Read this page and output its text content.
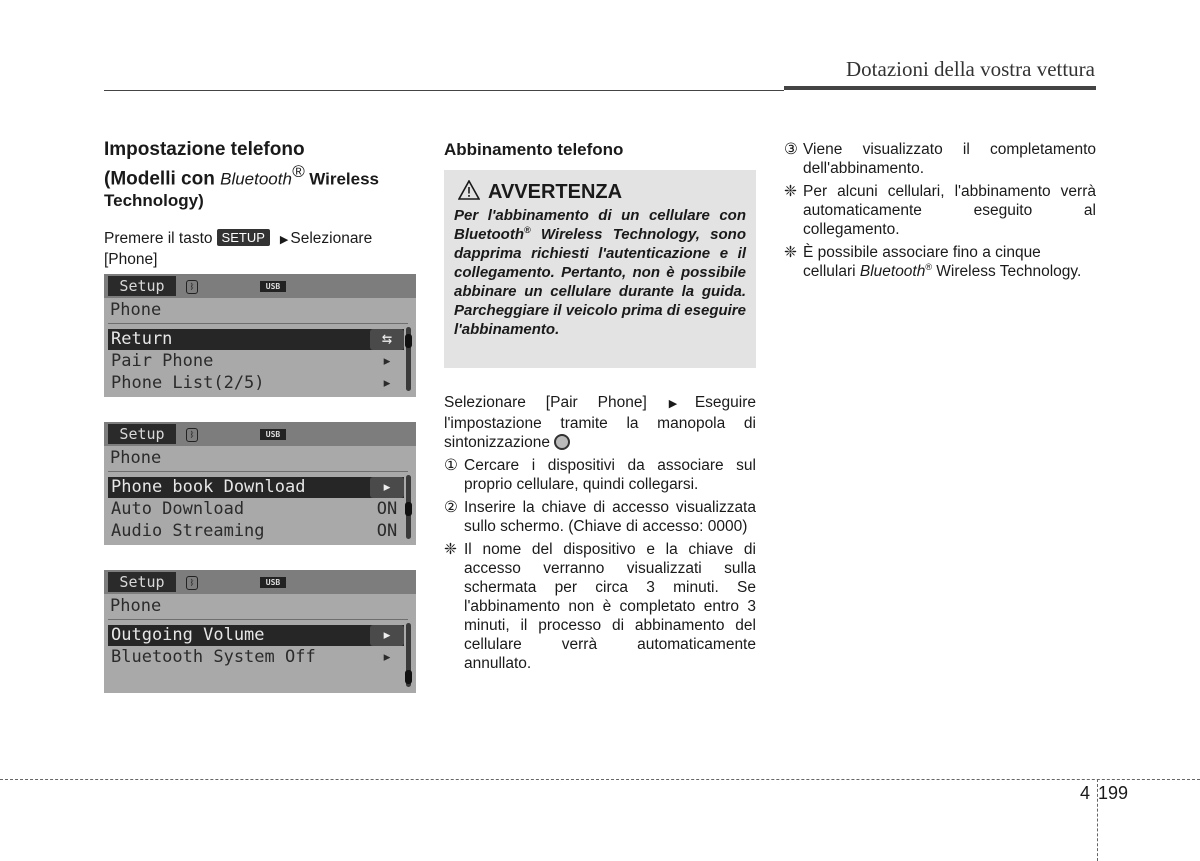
Dotazioni della vostra vettura
Impostazione telefono
(Modelli con Bluetooth® Wireless
Technology)
Premere il tasto SETUP ▶ Selezionare [Phone]
Setup	ᛒ	USB
Phone
Return	⇆
Pair Phone	▸
Phone List(2/5)	▸
Setup	ᛒ	USB
Phone
Phone book Download	▸
Auto Download	ON
Audio Streaming	ON
Setup	ᛒ	USB
Phone
Outgoing Volume	▸
Bluetooth System Off	▸
Abbinamento telefono
AVVERTENZA
Per l'abbinamento di un cellulare con Bluetooth® Wireless Technology, sono dapprima richiesti l'autenticazione e il collegamento. Pertanto, non è possibile abbinare un cellulare durante la guida. Parcheggiare il veicolo prima di eseguire l'abbinamento.

Selezionare [Pair Phone] ▶ Eseguire l'impostazione tramite la manopola di sintonizzazione

① Cercare i dispositivi da associare sul proprio cellulare, quindi collegarsi.
② Inserire la chiave di accesso visualizzata sullo schermo. (Chiave di accesso: 0000)
❈ Il nome del dispositivo e la chiave di accesso verranno visualizzati sulla schermata per circa 3 minuti. Se l'abbinamento non è completato entro 3 minuti, il processo di abbinamento del cellulare verrà automaticamente annullato.
③ Viene visualizzato il completamento dell'abbinamento.
❈ Per alcuni cellulari, l'abbinamento verrà automaticamente eseguito al collegamento.
❈ È possibile associare fino a cinque cellulari Bluetooth® Wireless Technology.
4 199
